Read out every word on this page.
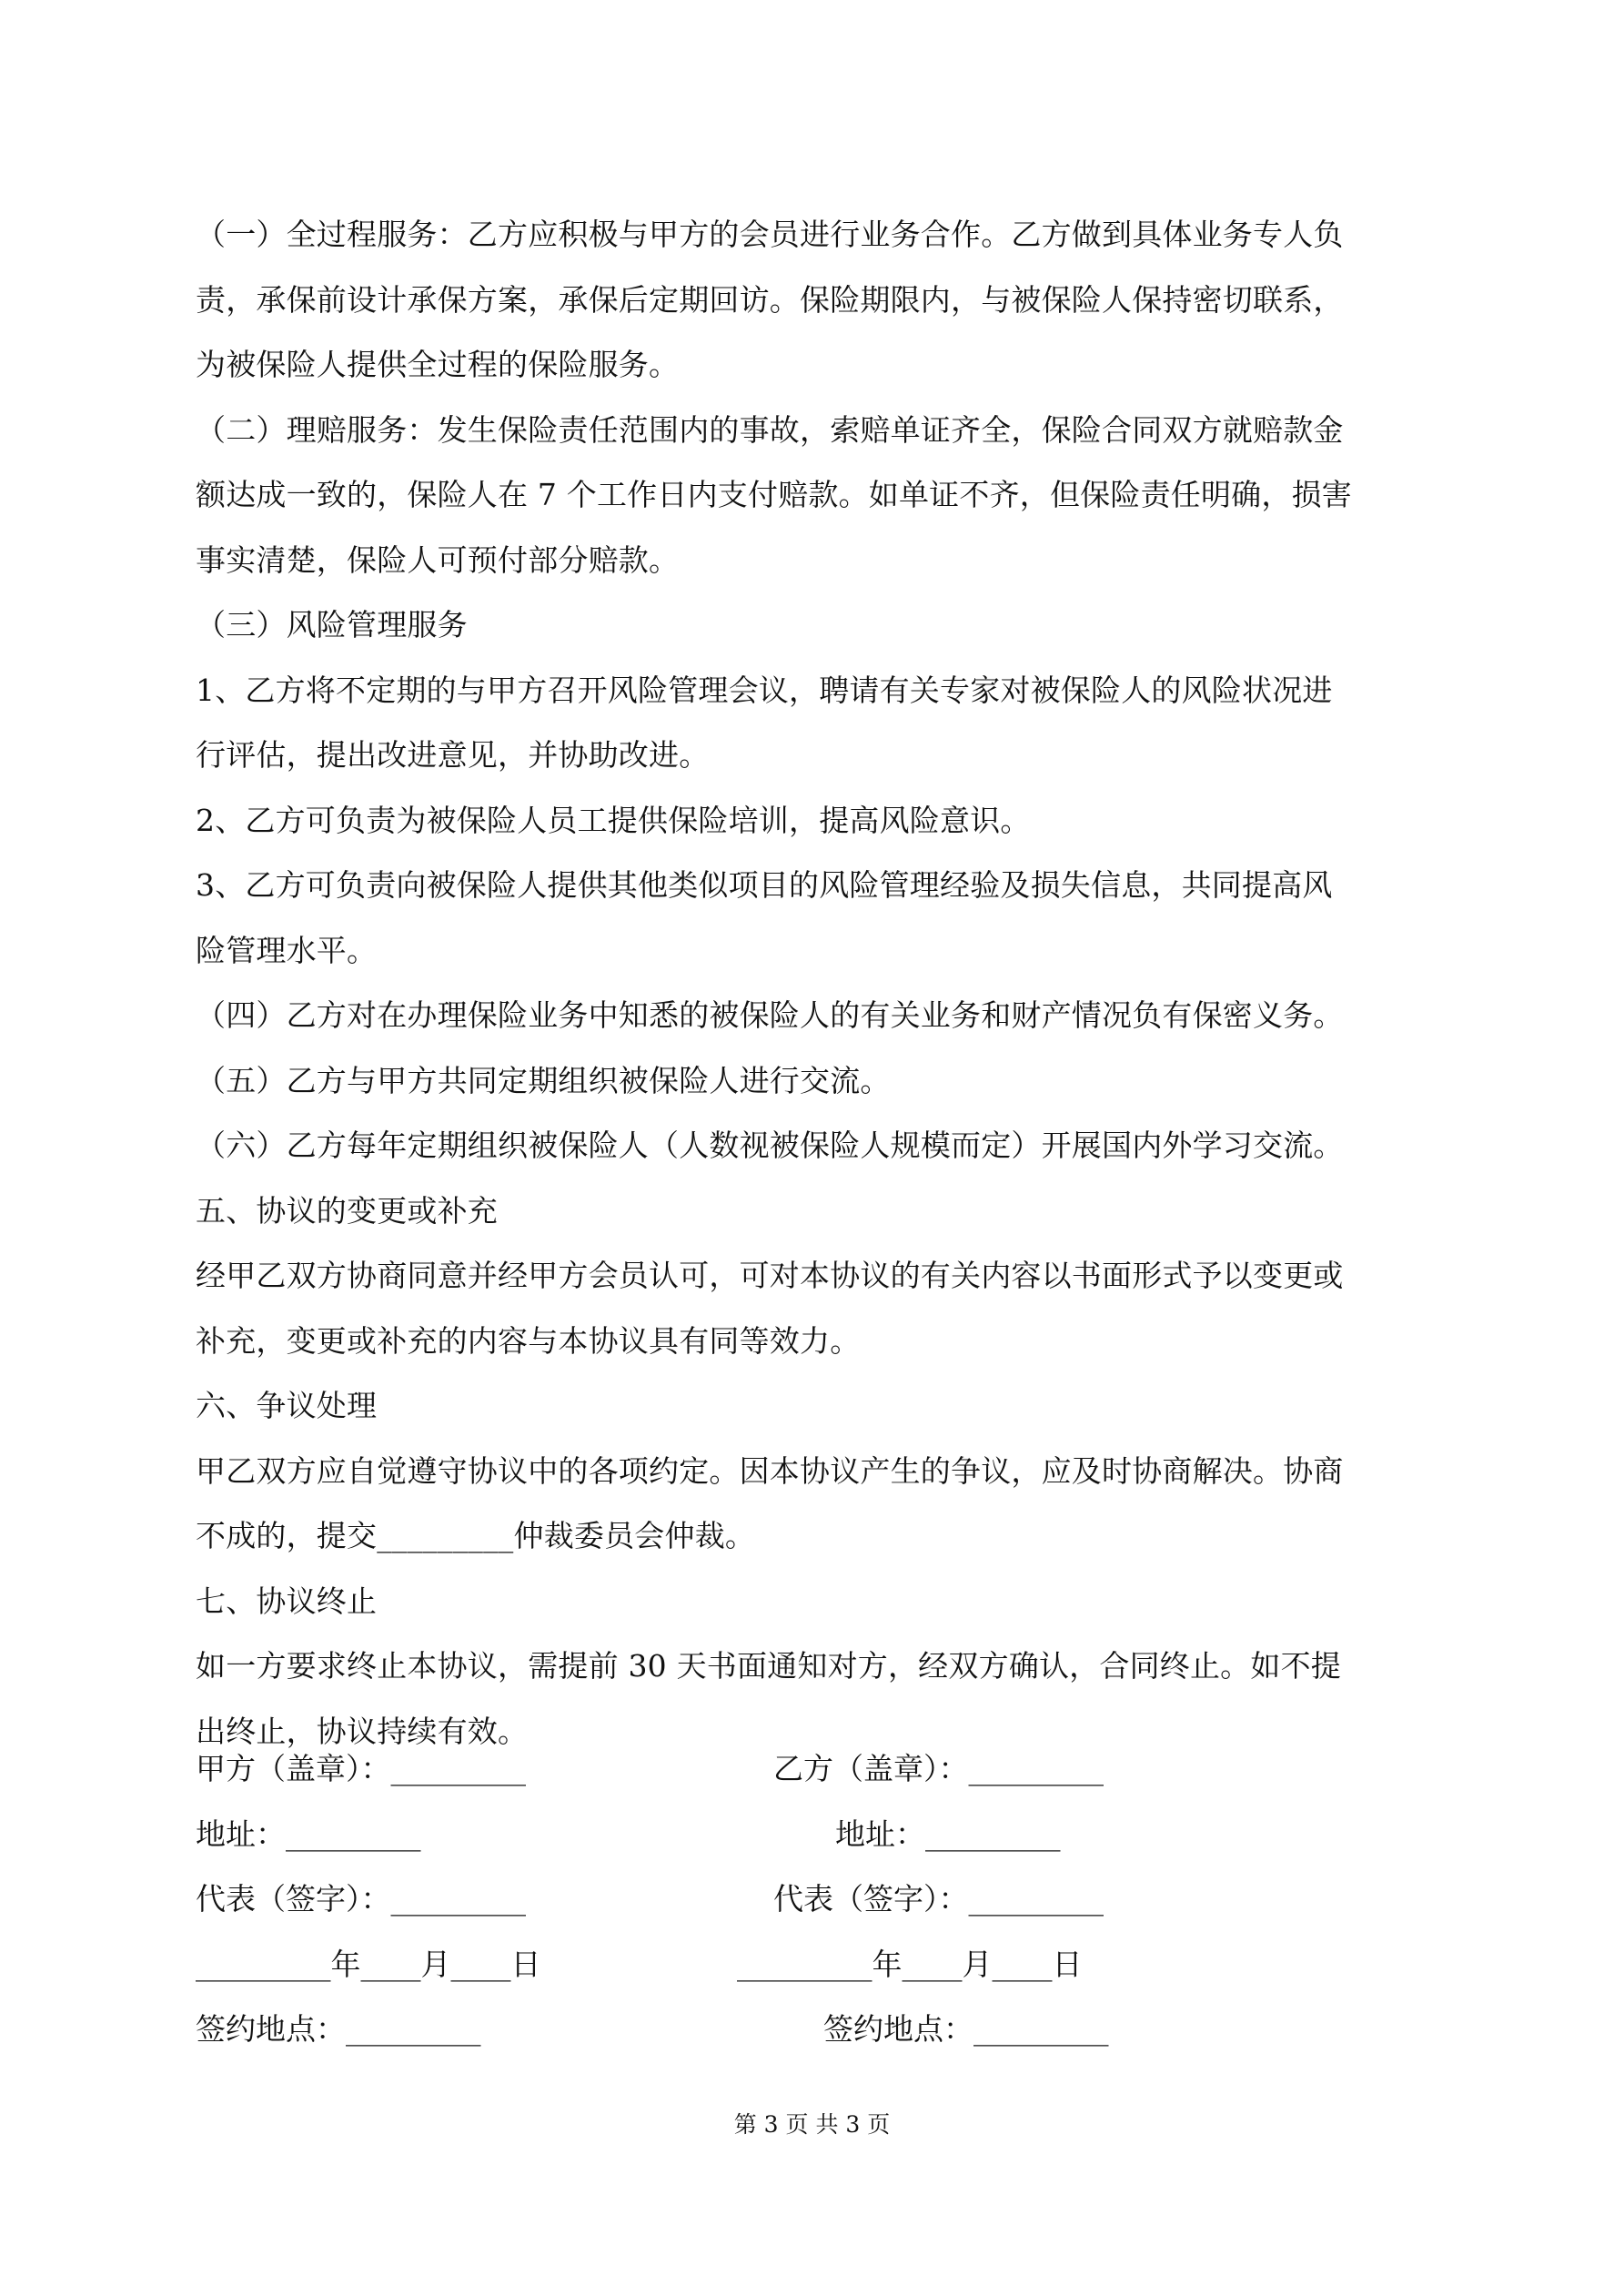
（一）全过程服务：乙方应积极与甲方的会员进行业务合作。乙方做到具体业务专人负
责，承保前设计承保方案，承保后定期回访。保险期限内，与被保险人保持密切联系，
为被保险人提供全过程的保险服务。
（二）理赔服务：发生保险责任范围内的事故，索赔单证齐全，保险合同双方就赔款金
额达成一致的，保险人在 7 个工作日内支付赔款。如单证不齐，但保险责任明确，损害
事实清楚，保险人可预付部分赔款。
（三）风险管理服务
1、乙方将不定期的与甲方召开风险管理会议，聘请有关专家对被保险人的风险状况进
行评估，提出改进意见，并协助改进。
2、乙方可负责为被保险人员工提供保险培训，提高风险意识。
3、乙方可负责向被保险人提供其他类似项目的风险管理经验及损失信息，共同提高风
险管理水平。
（四）乙方对在办理保险业务中知悉的被保险人的有关业务和财产情况负有保密义务。
（五）乙方与甲方共同定期组织被保险人进行交流。
（六）乙方每年定期组织被保险人（人数视被保险人规模而定）开展国内外学习交流。
五、协议的变更或补充
经甲乙双方协商同意并经甲方会员认可，可对本协议的有关内容以书面形式予以变更或
补充，变更或补充的内容与本协议具有同等效力。
六、争议处理
甲乙双方应自觉遵守协议中的各项约定。因本协议产生的争议，应及时协商解决。协商
不成的，提交_________仲裁委员会仲裁。
七、协议终止
如一方要求终止本协议，需提前 30 天书面通知对方，经双方确认，合同终止。如不提
出终止，协议持续有效。
甲方（盖章）：_________	乙方（盖章）：_________
地址：_________	地址：_________
代表（签字）：_________	代表（签字）：_________
_________年____月____日	_________年____月____日
签约地点：_________	签约地点：_________
第 3 页 共 3 页
